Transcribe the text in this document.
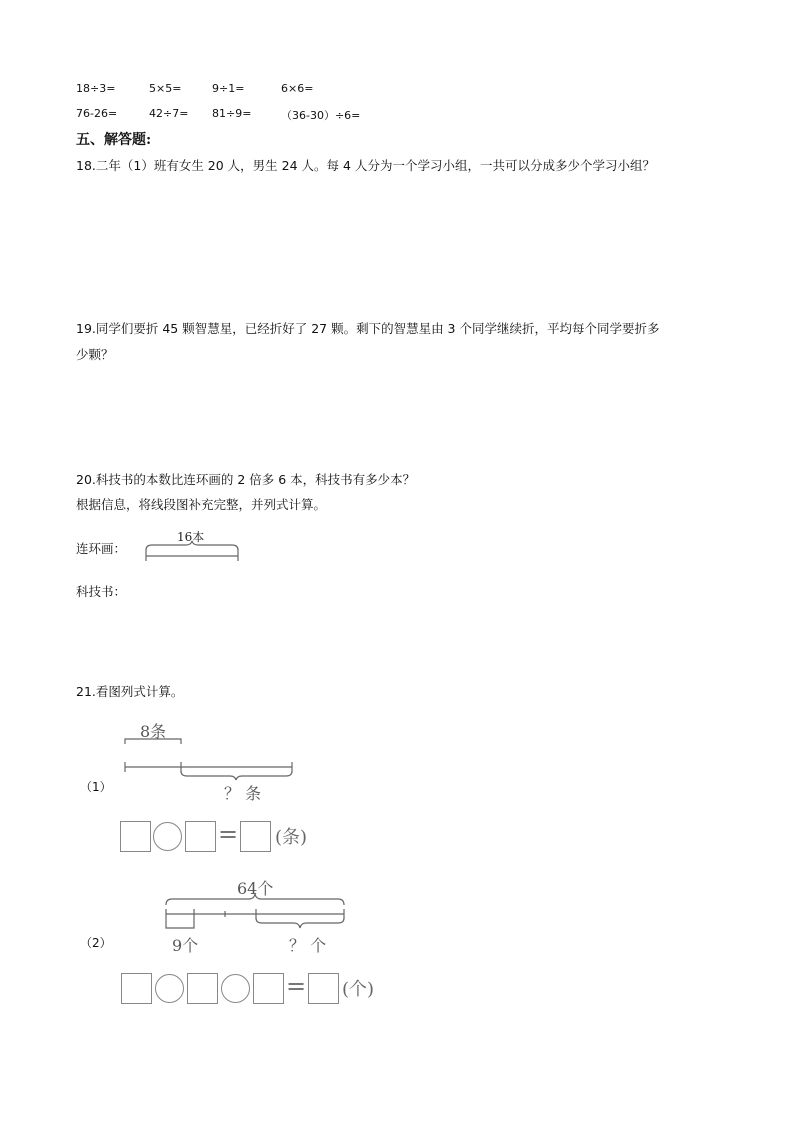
18÷3=	5×5=	9÷1=	6×6=
76-26=	42÷7= 81÷9=	（36-30）÷6=
五、解答题:
18.二年（1）班有女生 20 人，男生 24 人。每 4 人分为一个学习小组，一共可以分成多少个学习小组？
19.同学们要折 45 颗智慧星，已经折好了 27 颗。剩下的智慧星由 3 个同学继续折，平均每个同学要折多
少颗？
20.科技书的本数比连环画的 2 倍多 6 本，科技书有多少本？
根据信息，将线段图补充完整，并列式计算。
连环画：
16本
科技书：
21.看图列式计算。
8条
（1）	？ 条
= (条)
64个
（2）	9个	？ 个
= (个)
